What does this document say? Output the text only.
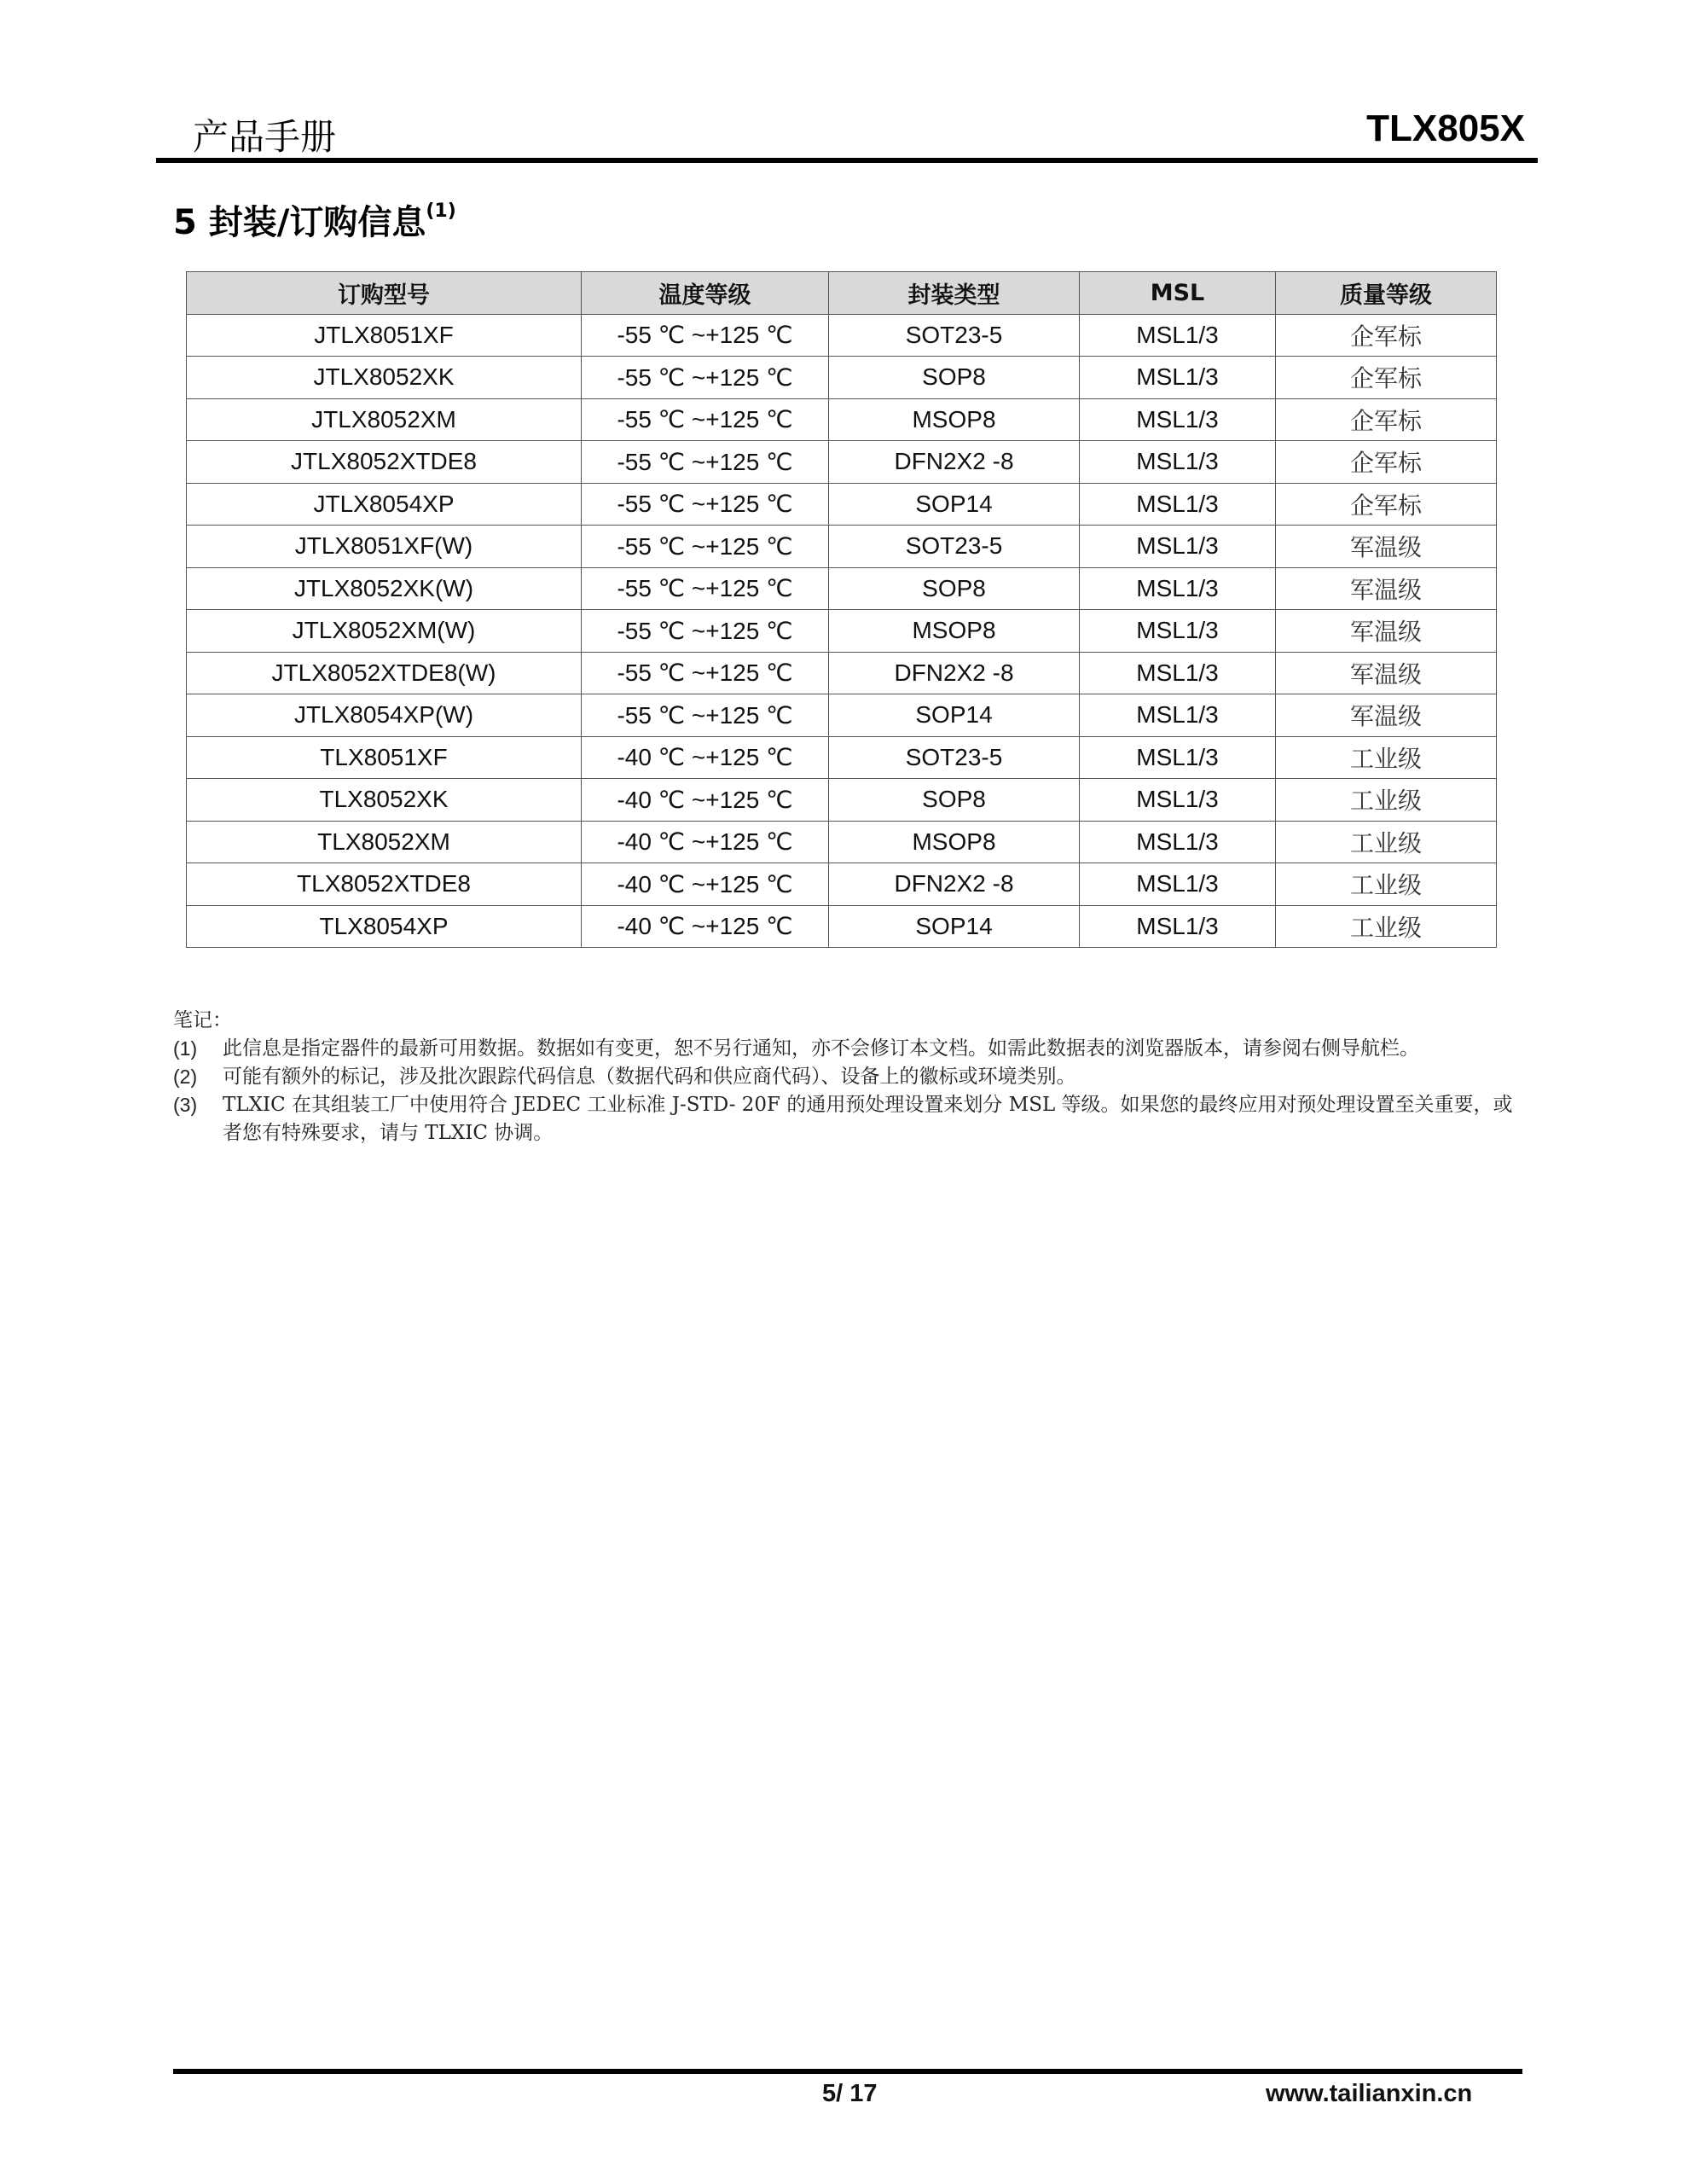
产品手册	TLX805X
5 封装/订购信息$^{(1)}$
订购型号	温度等级	封装类型	MSL	质量等级
JTLX8051XF	-55 ℃ ~+125 ℃	SOT23-5	MSL1/3	企军标
JTLX8052XK	-55 ℃ ~+125 ℃	SOP8	MSL1/3	企军标
JTLX8052XM	-55 ℃ ~+125 ℃	MSOP8	MSL1/3	企军标
JTLX8052XTDE8	-55 ℃ ~+125 ℃	DFN2X2 -8	MSL1/3	企军标
JTLX8054XP	-55 ℃ ~+125 ℃	SOP14	MSL1/3	企军标
JTLX8051XF(W)	-55 ℃ ~+125 ℃	SOT23-5	MSL1/3	军温级
JTLX8052XK(W)	-55 ℃ ~+125 ℃	SOP8	MSL1/3	军温级
JTLX8052XM(W)	-55 ℃ ~+125 ℃	MSOP8	MSL1/3	军温级
JTLX8052XTDE8(W)	-55 ℃ ~+125 ℃	DFN2X2 -8	MSL1/3	军温级
JTLX8054XP(W)	-55 ℃ ~+125 ℃	SOP14	MSL1/3	军温级
TLX8051XF	-40 ℃ ~+125 ℃	SOT23-5	MSL1/3	工业级
TLX8052XK	-40 ℃ ~+125 ℃	SOP8	MSL1/3	工业级
TLX8052XM	-40 ℃ ~+125 ℃	MSOP8	MSL1/3	工业级
TLX8052XTDE8	-40 ℃ ~+125 ℃	DFN2X2 -8	MSL1/3	工业级
TLX8054XP	-40 ℃ ~+125 ℃	SOP14	MSL1/3	工业级
笔记：
(1)	此信息是指定器件的最新可用数据。数据如有变更，恕不另行通知，亦不会修订本文档。如需此数据表的浏览器版本，请参阅右侧导航栏。
(2)	可能有额外的标记，涉及批次跟踪代码信息（数据代码和供应商代码）、设备上的徽标或环境类别。
(3)	TLXIC 在其组装工厂中使用符合 JEDEC 工业标准 J-STD- 20F 的通用预处理设置来划分 MSL 等级。如果您的最终应用对预处理设置至关重要，或者您有特殊要求，请与 TLXIC 协调。
5/ 17	www.tailianxin.cn
